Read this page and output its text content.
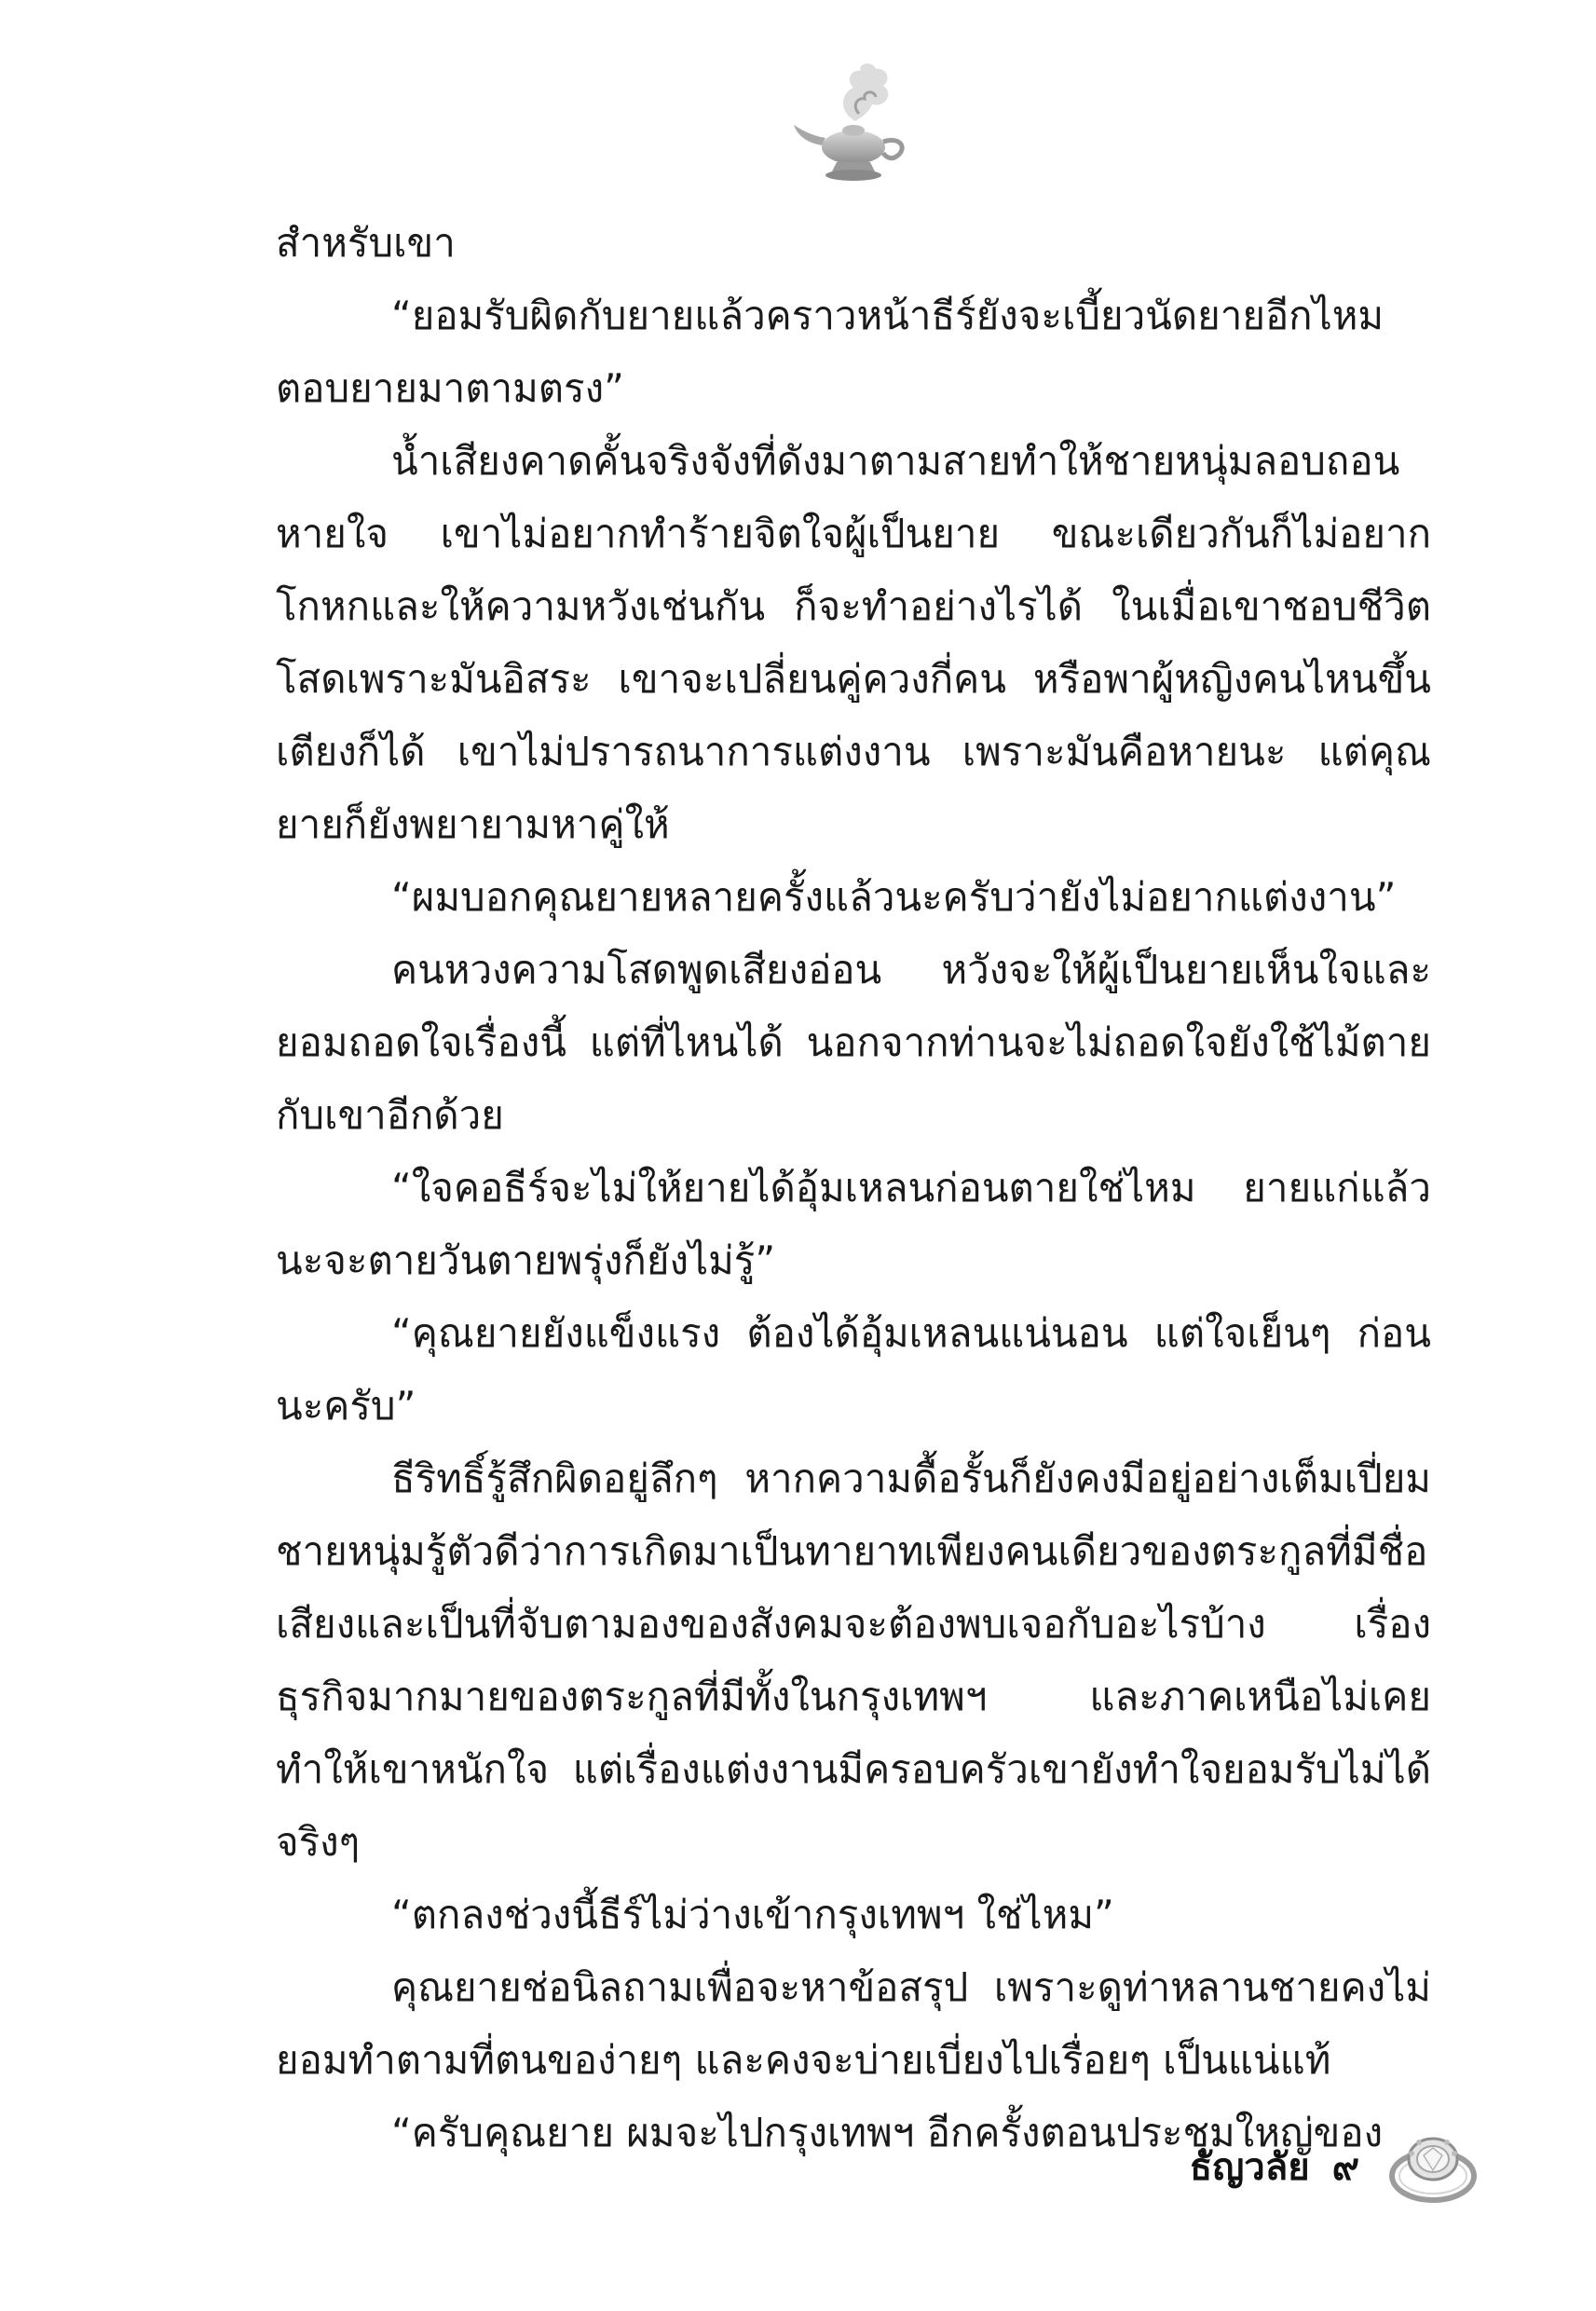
สำหรับเขา

“ยอมรับผิดกับยายแล้วคราวหน้าธีร์ยังจะเบี้ยวนัดยายอีกไหม ตอบยายมาตามตรง”

น้ำเสียงคาดคั้นจริงจังที่ดังมาตามสายทำให้ชายหนุ่มลอบถอนหายใจ เขาไม่อยากทำร้ายจิตใจผู้เป็นยาย ขณะเดียวกันก็ไม่อยากโกหกและให้ความหวังเช่นกัน ก็จะทำอย่างไรได้ ในเมื่อเขาชอบชีวิตโสดเพราะมันอิสระ เขาจะเปลี่ยนคู่ควงกี่คน หรือพาผู้หญิงคนไหนขึ้นเตียงก็ได้ เขาไม่ปรารถนาการแต่งงาน เพราะมันคือหายนะ แต่คุณยายก็ยังพยายามหาคู่ให้

“ผมบอกคุณยายหลายครั้งแล้วนะครับว่ายังไม่อยากแต่งงาน”

คนหวงความโสดพูดเสียงอ่อน หวังจะให้ผู้เป็นยายเห็นใจและยอมถอดใจเรื่องนี้ แต่ที่ไหนได้ นอกจากท่านจะไม่ถอดใจยังใช้ไม้ตายกับเขาอีกด้วย

“ใจคอธีร์จะไม่ให้ยายได้อุ้มเหลนก่อนตายใช่ไหม ยายแก่แล้วนะจะตายวันตายพรุ่งก็ยังไม่รู้”

“คุณยายยังแข็งแรง ต้องได้อุ้มเหลนแน่นอน แต่ใจเย็นๆ ก่อนนะครับ”

ธีริทธิ์รู้สึกผิดอยู่ลึกๆ หากความดื้อรั้นก็ยังคงมีอยู่อย่างเต็มเปี่ยม ชายหนุ่มรู้ตัวดีว่าการเกิดมาเป็นทายาทเพียงคนเดียวของตระกูลที่มีชื่อเสียงและเป็นที่จับตามองของสังคมจะต้องพบเจอกับอะไรบ้าง เรื่องธุรกิจมากมายของตระกูลที่มีทั้งในกรุงเทพฯ และภาคเหนือไม่เคยทำให้เขาหนักใจ แต่เรื่องแต่งงานมีครอบครัวเขายังทำใจยอมรับไม่ได้จริงๆ

“ตกลงช่วงนี้ธีร์ไม่ว่างเข้ากรุงเทพฯ ใช่ไหม”

คุณยายช่อนิลถามเพื่อจะหาข้อสรุป เพราะดูท่าหลานชายคงไม่ยอมทำตามที่ตนของ่ายๆ และคงจะบ่ายเบี่ยงไปเรื่อยๆ เป็นแน่แท้

“ครับคุณยาย ผมจะไปกรุงเทพฯ อีกครั้งตอนประชุมใหญ่ของ

ธัญวลัย ๙
